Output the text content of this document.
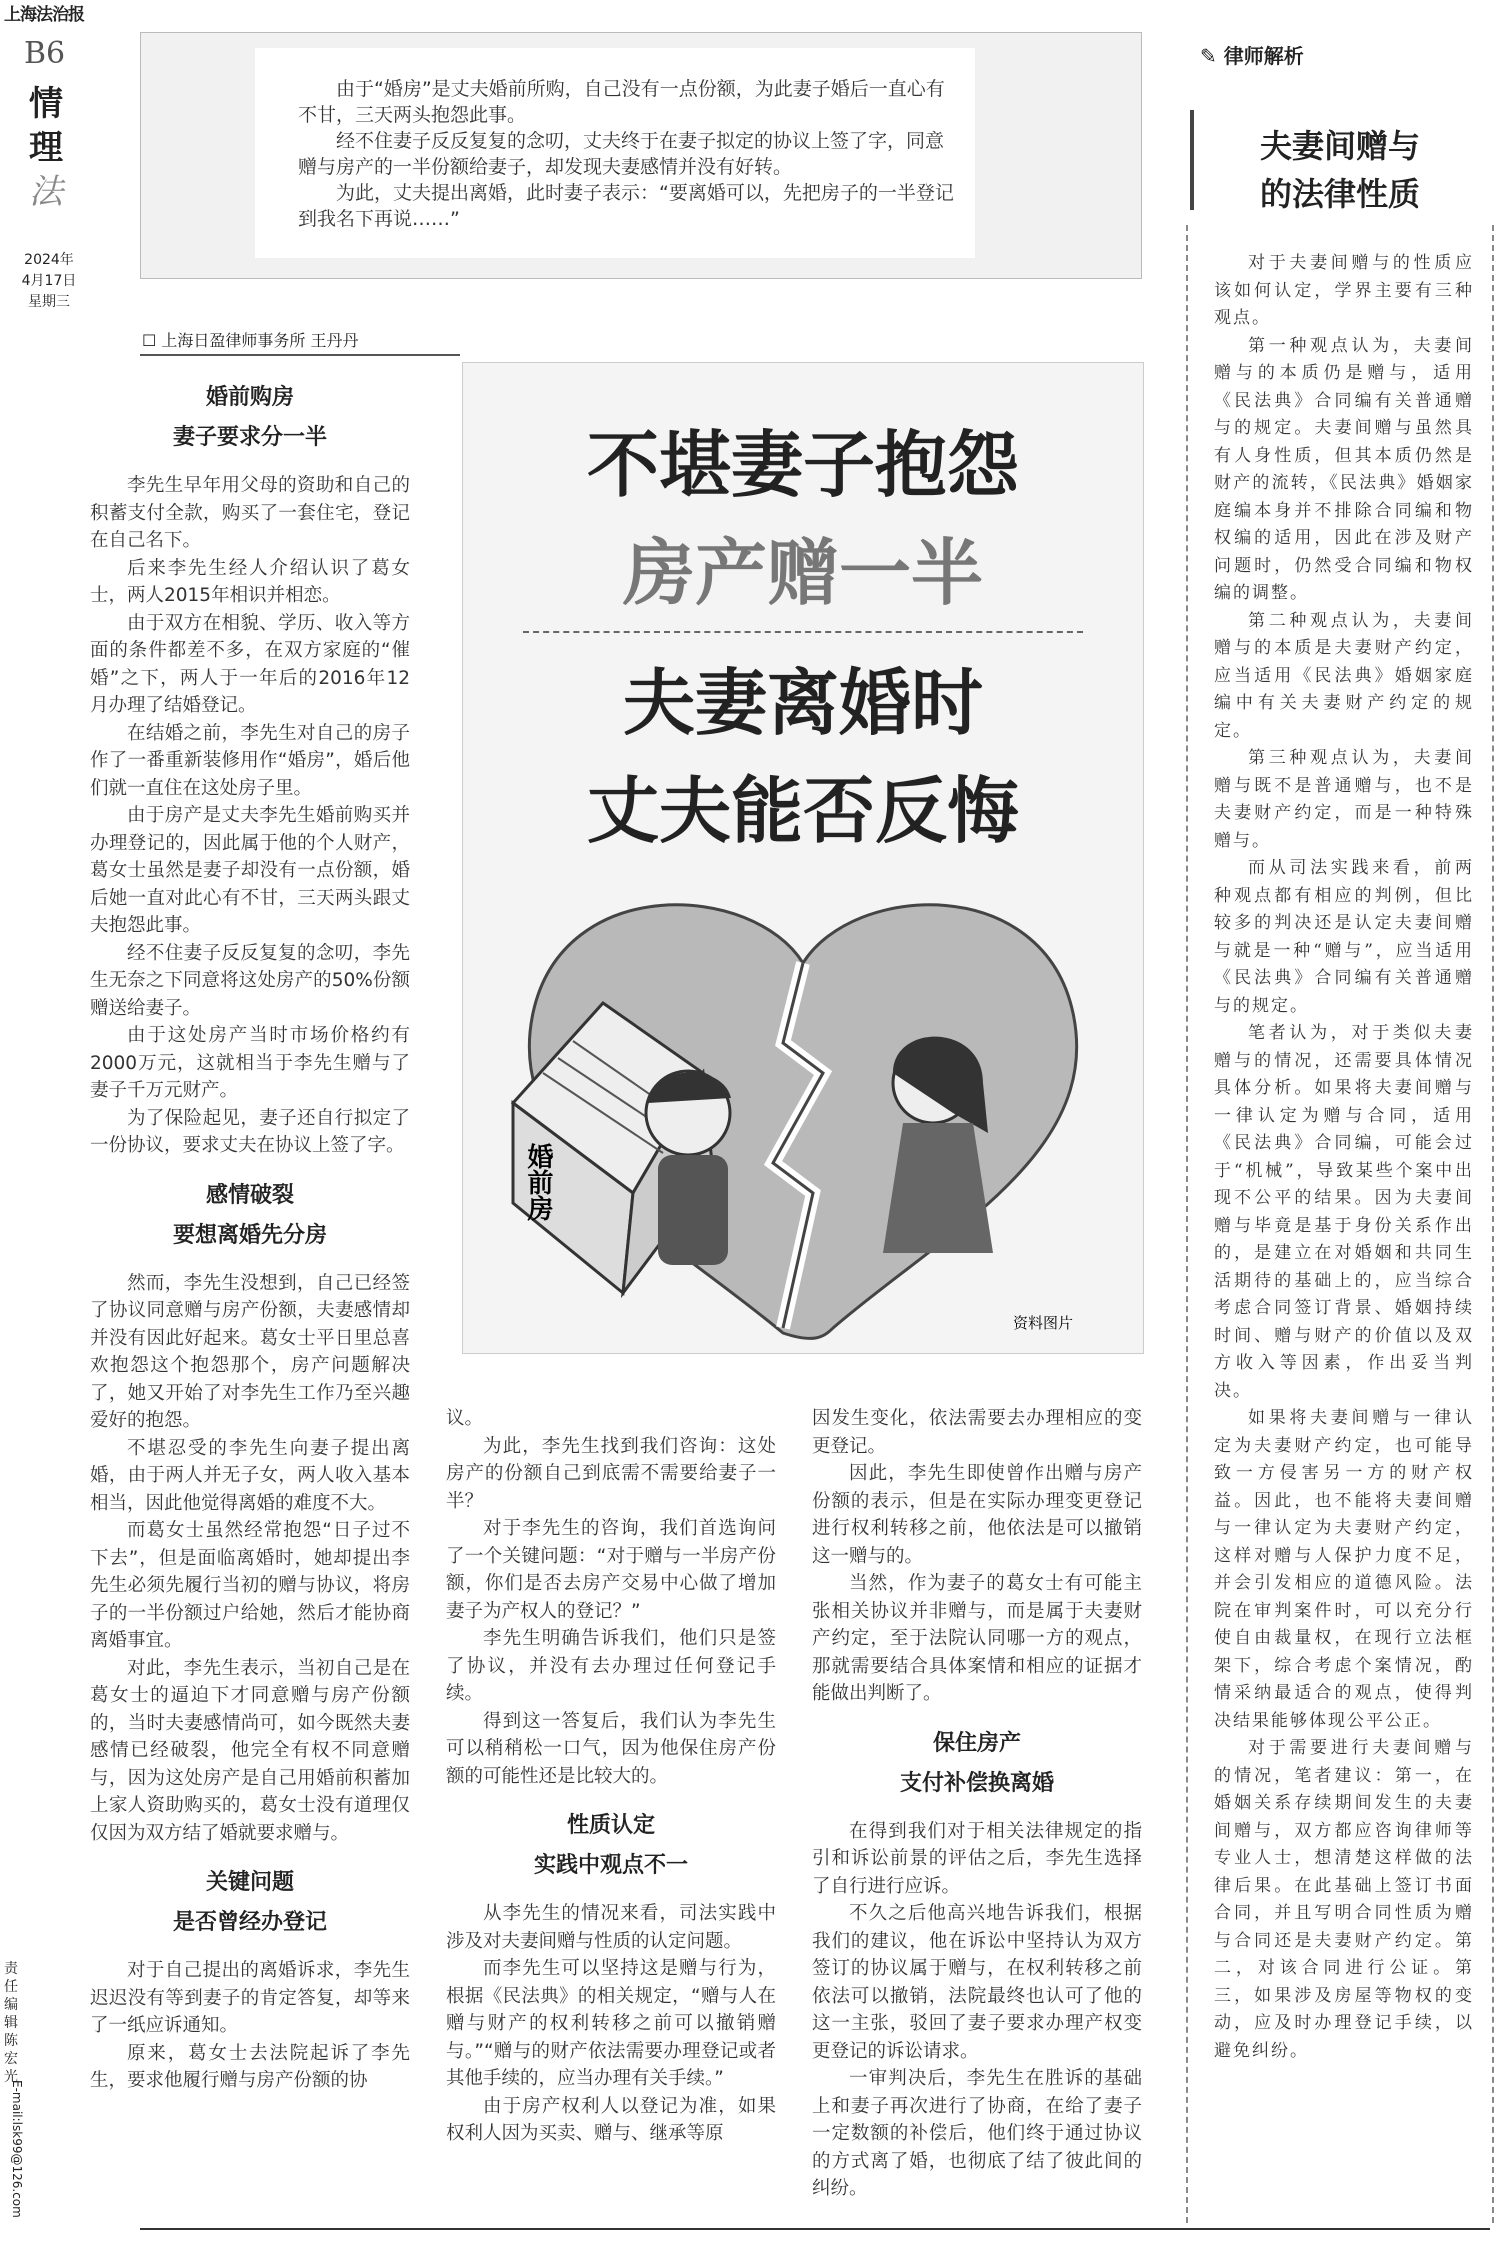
上海法治报
B6
情
理
法
2024年
4月17日
星期三
责任编辑 陈宏光
E-mail:lsk99@126.com

由于“婚房”是丈夫婚前所购，自己没有一点份额，为此妻子婚后一直心有不甘，三天两头抱怨此事。

经不住妻子反反复复的念叨，丈夫终于在妻子拟定的协议上签了字，同意赠与房产的一半份额给妻子，却发现夫妻感情并没有好转。

为此，丈夫提出离婚，此时妻子表示：“要离婚可以，先把房子的一半登记到我名下再说……”

☐ 上海日盈律师事务所 王丹丹
婚前购房
妻子要求分一半

李先生早年用父母的资助和自己的积蓄支付全款，购买了一套住宅，登记在自己名下。

后来李先生经人介绍认识了葛女士，两人2015年相识并相恋。

由于双方在相貌、学历、收入等方面的条件都差不多，在双方家庭的“催婚”之下，两人于一年后的2016年12月办理了结婚登记。

在结婚之前，李先生对自己的房子作了一番重新装修用作“婚房”，婚后他们就一直住在这处房子里。

由于房产是丈夫李先生婚前购买并办理登记的，因此属于他的个人财产，葛女士虽然是妻子却没有一点份额，婚后她一直对此心有不甘，三天两头跟丈夫抱怨此事。

经不住妻子反反复复的念叨，李先生无奈之下同意将这处房产的50%份额赠送给妻子。

由于这处房产当时市场价格约有2000万元，这就相当于李先生赠与了妻子千万元财产。

为了保险起见，妻子还自行拟定了一份协议，要求丈夫在协议上签了字。

感情破裂
要想离婚先分房

然而，李先生没想到，自己已经签了协议同意赠与房产份额，夫妻感情却并没有因此好起来。葛女士平日里总喜欢抱怨这个抱怨那个，房产问题解决了，她又开始了对李先生工作乃至兴趣爱好的抱怨。

不堪忍受的李先生向妻子提出离婚，由于两人并无子女，两人收入基本相当，因此他觉得离婚的难度不大。

而葛女士虽然经常抱怨“日子过不下去”，但是面临离婚时，她却提出李先生必须先履行当初的赠与协议，将房子的一半份额过户给她，然后才能协商离婚事宜。

对此，李先生表示，当初自己是在葛女士的逼迫下才同意赠与房产份额的，当时夫妻感情尚可，如今既然夫妻感情已经破裂，他完全有权不同意赠与，因为这处房产是自己用婚前积蓄加上家人资助购买的，葛女士没有道理仅仅因为双方结了婚就要求赠与。

关键问题
是否曾经办登记

对于自己提出的离婚诉求，李先生迟迟没有等到妻子的肯定答复，却等来了一纸应诉通知。

原来，葛女士去法院起诉了李先生，要求他履行赠与房产份额的协

不堪妻子抱怨
房产赠一半
夫妻离婚时
丈夫能否反悔
婚前房
资料图片

议。

为此，李先生找到我们咨询：这处房产的份额自己到底需不需要给妻子一半？

对于李先生的咨询，我们首选询问了一个关键问题：“对于赠与一半房产份额，你们是否去房产交易中心做了增加妻子为产权人的登记？”

李先生明确告诉我们，他们只是签了协议，并没有去办理过任何登记手续。

得到这一答复后，我们认为李先生可以稍稍松一口气，因为他保住房产份额的可能性还是比较大的。

性质认定
实践中观点不一

从李先生的情况来看，司法实践中涉及对夫妻间赠与性质的认定问题。

而李先生可以坚持这是赠与行为，根据《民法典》的相关规定，“赠与人在赠与财产的权利转移之前可以撤销赠与。”“赠与的财产依法需要办理登记或者其他手续的，应当办理有关手续。”

由于房产权利人以登记为准，如果权利人因为买卖、赠与、继承等原

因发生变化，依法需要去办理相应的变更登记。

因此，李先生即使曾作出赠与房产份额的表示，但是在实际办理变更登记进行权利转移之前，他依法是可以撤销这一赠与的。

当然，作为妻子的葛女士有可能主张相关协议并非赠与，而是属于夫妻财产约定，至于法院认同哪一方的观点，那就需要结合具体案情和相应的证据才能做出判断了。

保住房产
支付补偿换离婚

在得到我们对于相关法律规定的指引和诉讼前景的评估之后，李先生选择了自行进行应诉。

不久之后他高兴地告诉我们，根据我们的建议，他在诉讼中坚持认为双方签订的协议属于赠与，在权利转移之前依法可以撤销，法院最终也认可了他的这一主张，驳回了妻子要求办理产权变更登记的诉讼请求。

一审判决后，李先生在胜诉的基础上和妻子再次进行了协商，在给了妻子一定数额的补偿后，他们终于通过协议的方式离了婚，也彻底了结了彼此间的纠纷。

✎ 律师解析
夫妻间赠与
的法律性质

对于夫妻间赠与的性质应该如何认定，学界主要有三种观点。

第一种观点认为，夫妻间赠与的本质仍是赠与，适用《民法典》合同编有关普通赠与的规定。夫妻间赠与虽然具有人身性质，但其本质仍然是财产的流转，《民法典》婚姻家庭编本身并不排除合同编和物权编的适用，因此在涉及财产问题时，仍然受合同编和物权编的调整。

第二种观点认为，夫妻间赠与的本质是夫妻财产约定，应当适用《民法典》婚姻家庭编中有关夫妻财产约定的规定。

第三种观点认为，夫妻间赠与既不是普通赠与，也不是夫妻财产约定，而是一种特殊赠与。

而从司法实践来看，前两种观点都有相应的判例，但比较多的判决还是认定夫妻间赠与就是一种“赠与”，应当适用《民法典》合同编有关普通赠与的规定。

笔者认为，对于类似夫妻赠与的情况，还需要具体情况具体分析。如果将夫妻间赠与一律认定为赠与合同，适用《民法典》合同编，可能会过于“机械”，导致某些个案中出现不公平的结果。因为夫妻间赠与毕竟是基于身份关系作出的，是建立在对婚姻和共同生活期待的基础上的，应当综合考虑合同签订背景、婚姻持续时间、赠与财产的价值以及双方收入等因素，作出妥当判决。

如果将夫妻间赠与一律认定为夫妻财产约定，也可能导致一方侵害另一方的财产权益。因此，也不能将夫妻间赠与一律认定为夫妻财产约定，这样对赠与人保护力度不足，并会引发相应的道德风险。法院在审判案件时，可以充分行使自由裁量权，在现行立法框架下，综合考虑个案情况，酌情采纳最适合的观点，使得判决结果能够体现公平公正。

对于需要进行夫妻间赠与的情况，笔者建议：第一，在婚姻关系存续期间发生的夫妻间赠与，双方都应咨询律师等专业人士，想清楚这样做的法律后果。在此基础上签订书面合同，并且写明合同性质为赠与合同还是夫妻财产约定。第二，对该合同进行公证。第三，如果涉及房屋等物权的变动，应及时办理登记手续，以避免纠纷。
